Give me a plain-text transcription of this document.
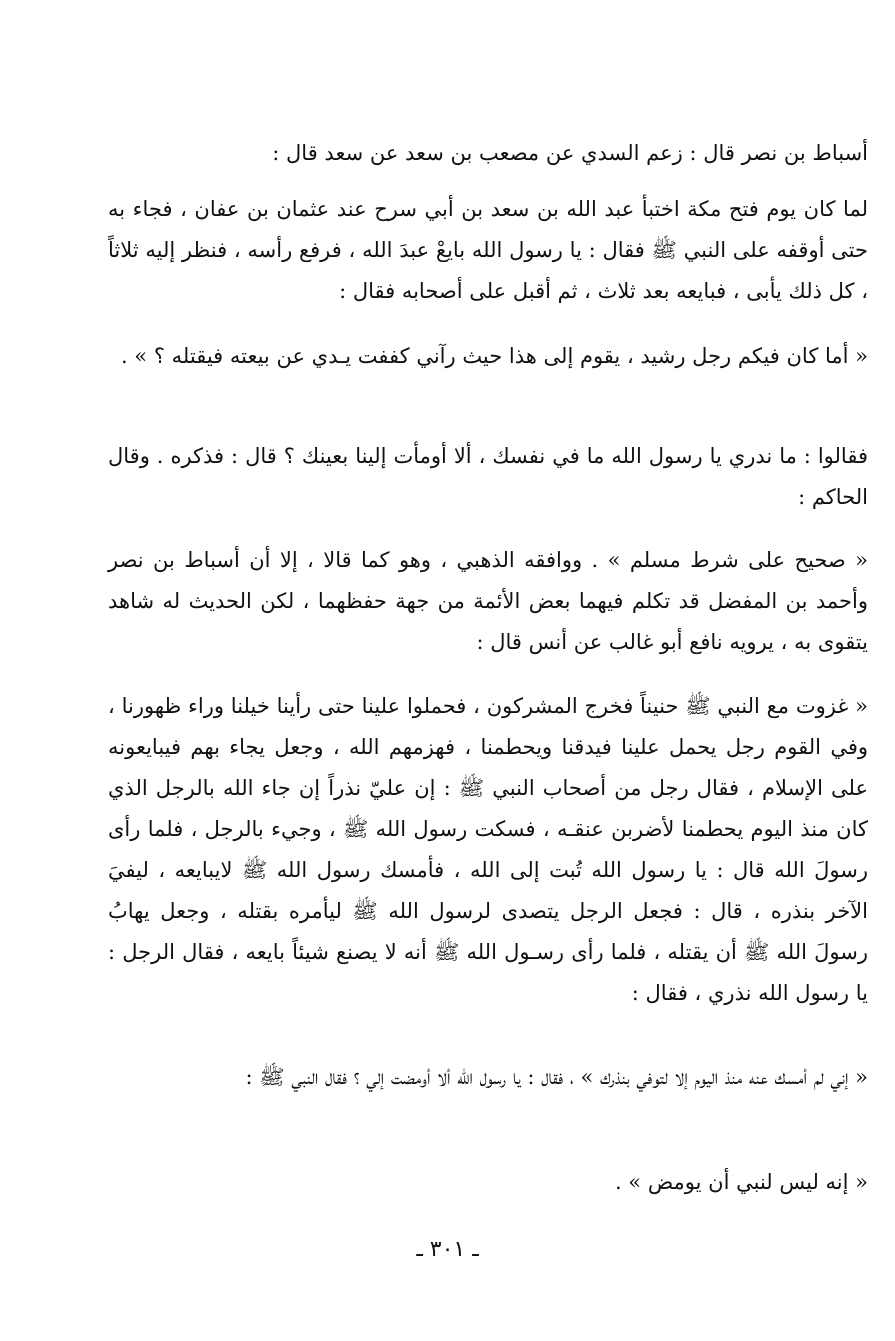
أسباط بن نصر قال : زعم السدي عن مصعب بن سعد عن سعد قال :
لما كان يوم فتح مكة اختبأ عبد الله بن سعد بن أبي سرح عند عثمان بن عفان ، فجاء به حتى أوقفه على النبي ﷺ فقال : يا رسول الله بايعْ عبدَ الله ، فرفع رأسه ، فنظر إليه ثلاثاً ، كل ذلك يأبى ، فبايعه بعد ثلاث ، ثم أقبل على أصحابه فقال :
« أما كان فيكم رجل رشيد ، يقوم إلى هذا حيث رآني كففت يـدي عن بيعته فيقتله ؟ » .
فقالوا : ما ندري يا رسول الله ما في نفسك ، ألا أومأت إلينا بعينك ؟ قال : فذكره . وقال الحاكم :
« صحيح على شرط مسلم » . ووافقه الذهبي ، وهو كما قالا ، إلا أن أسباط بن نصر وأحمد بن المفضل قد تكلم فيهما بعض الأئمة من جهة حفظهما ، لكن الحديث له شاهد يتقوى به ، يرويه نافع أبو غالب عن أنس قال :
« غزوت مع النبي ﷺ حنيناً فخرج المشركون ، فحملوا علينا حتى رأينا خيلنا وراء ظهورنا ، وفي القوم رجل يحمل علينا فيدقنا ويحطمنا ، فهزمهم الله ، وجعل يجاء بهم فيبايعونه على الإسلام ، فقال رجل من أصحاب النبي ﷺ : إن عليّ نذراً إن جاء الله بالرجل الذي كان منذ اليوم يحطمنا لأضربن عنقـه ، فسكت رسول الله ﷺ ، وجيء بالرجل ، فلما رأى رسولَ الله قال : يا رسول الله تُبت إلى الله ، فأمسك رسول الله ﷺ لايبايعه ، ليفيَ الآخر بنذره ، قال : فجعل الرجل يتصدى لرسول الله ﷺ ليأمره بقتله ، وجعل يهابُ رسولَ الله ﷺ أن يقتله ، فلما رأى رسـول الله ﷺ أنه لا يصنع شيئاً بايعه ، فقال الرجل : يا رسول الله نذري ، فقال :
« إني لم أمسك عنه منذ اليوم إلا لتوفي بنذرك » ، فقال : يا رسول الله ألا أومضت إلي ؟ فقال النبي ﷺ :
« إنه ليس لنبي أن يومض » .
ـ ٣٠١ ـ
